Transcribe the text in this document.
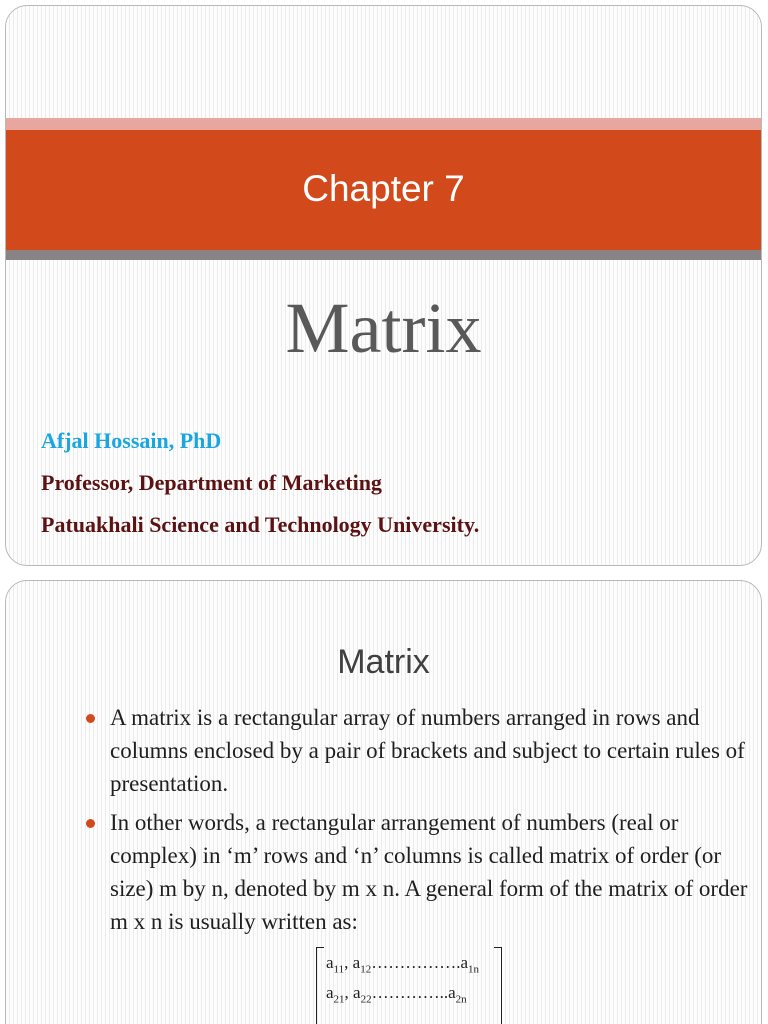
Chapter 7
Matrix
Afjal Hossain, PhD
Professor, Department of Marketing
Patuakhali Science and Technology University.
Matrix
A matrix is a rectangular array of numbers arranged in rows and columns enclosed by a pair of brackets and subject to certain rules of presentation.
In other words, a rectangular arrangement of numbers (real or complex) in ‘m’ rows and ‘n’ columns is called matrix of order (or size) m by n, denoted by m x n. A general form of the matrix of order m x n is usually written as:
$a_{11}$, $a_{12}\dots\dots\dots\dots\dots.a_{1n}$
$a_{21}$, $a_{22}\dots\dots\dots\dots..a_{2n}$
